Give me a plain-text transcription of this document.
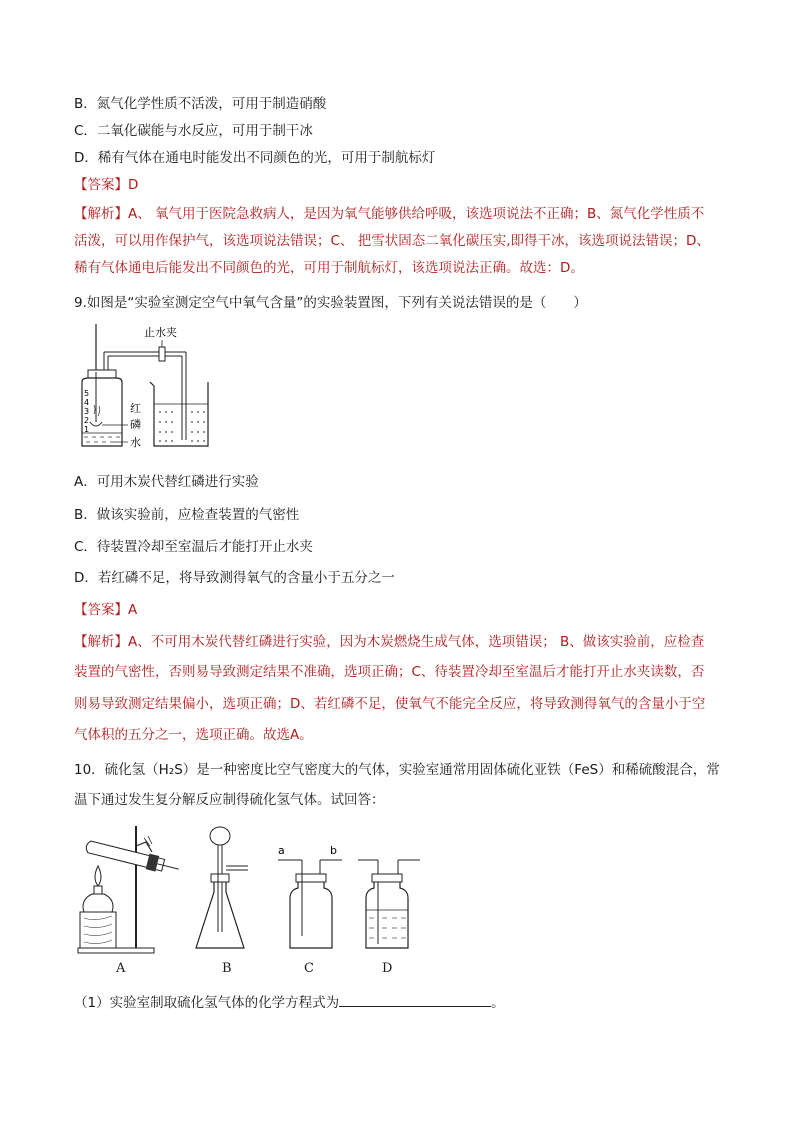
B．氮气化学性质不活泼，可用于制造硝酸
C．二氧化碳能与水反应，可用于制干冰
D．稀有气体在通电时能发出不同颜色的光，可用于制航标灯
【答案】D
【解析】A、 氧气用于医院急救病人，是因为氧气能够供给呼吸，该选项说法不正确；B、氮气化学性质不
活泼，可以用作保护气，该选项说法错误；C、 把雪状固态二氧化碳压实,即得干冰，该选项说法错误；D、
稀有气体通电后能发出不同颜色的光，可用于制航标灯，该选项说法正确。故选：D。
9.如图是“实验室测定空气中氧气含量”的实验装置图，下列有关说法错误的是（　　）
5
4
3
2
1
红
磷
水
止水夹
A．可用木炭代替红磷进行实验
B．做该实验前，应检查装置的气密性
C．待装置冷却至室温后才能打开止水夹
D．若红磷不足，将导致测得氧气的含量小于五分之一
【答案】A
【解析】A、不可用木炭代替红磷进行实验，因为木炭燃烧生成气体，选项错误； B、做该实验前，应检查
装置的气密性，否则易导致测定结果不准确，选项正确；C、待装置冷却至室温后才能打开止水夹读数，否
则易导致测定结果偏小，选项正确；D、若红磷不足，使氧气不能完全反应，将导致测得氧气的含量小于空
气体积的五分之一，选项正确。故选A。
10．硫化氢（H₂S）是一种密度比空气密度大的气体，实验室通常用固体硫化亚铁（FeS）和稀硫酸混合，常
温下通过发生复分解反应制得硫化氢气体。试回答：
a	b
A	B	C	D
（1）实验室制取硫化氢气体的化学方程式为	。
